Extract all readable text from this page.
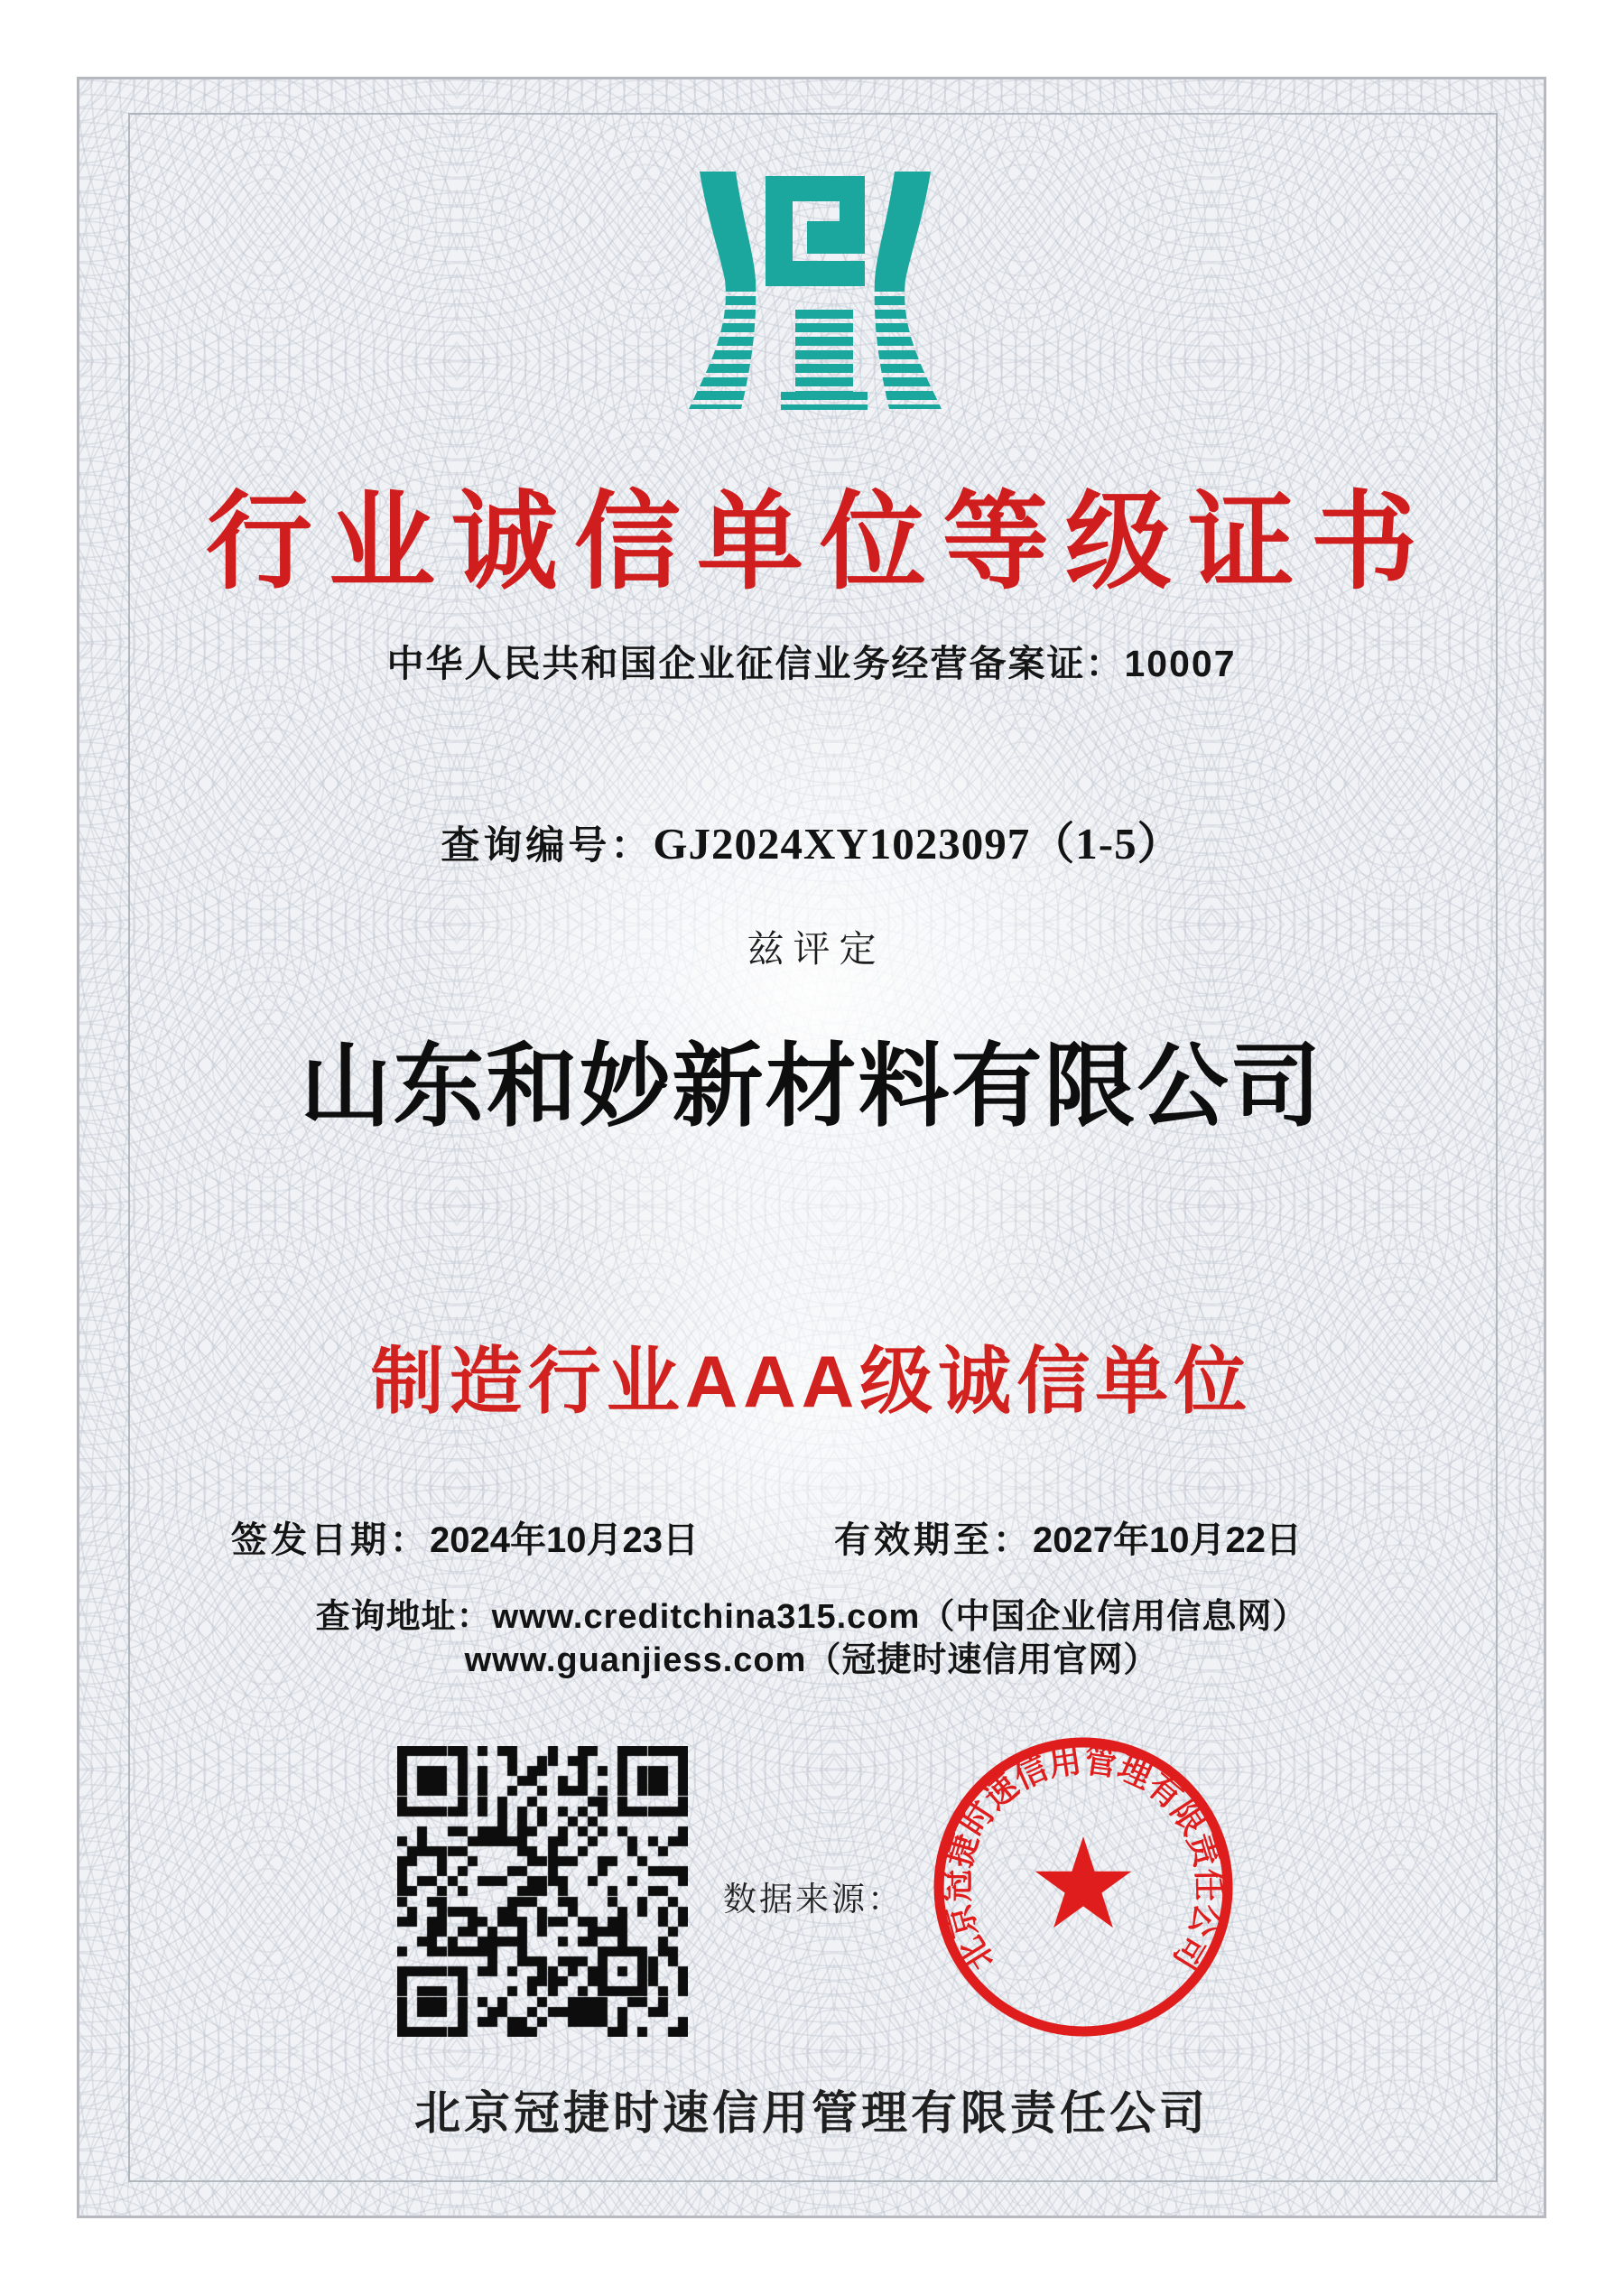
行业诚信单位等级证书
中华人民共和国企业征信业务经营备案证：10007
查询编号：GJ2024XY1023097（1-5）
兹评定
山东和妙新材料有限公司
制造行业AAA级诚信单位
签发日期：2024年10月23日	有效期至：2027年10月22日
查询地址：www.creditchina315.com（中国企业信用信息网）
www.guanjiess.com（冠捷时速信用官网）
数据来源：
北京冠捷时速信用管理有限责任公司
北京冠捷时速信用管理有限责任公司
